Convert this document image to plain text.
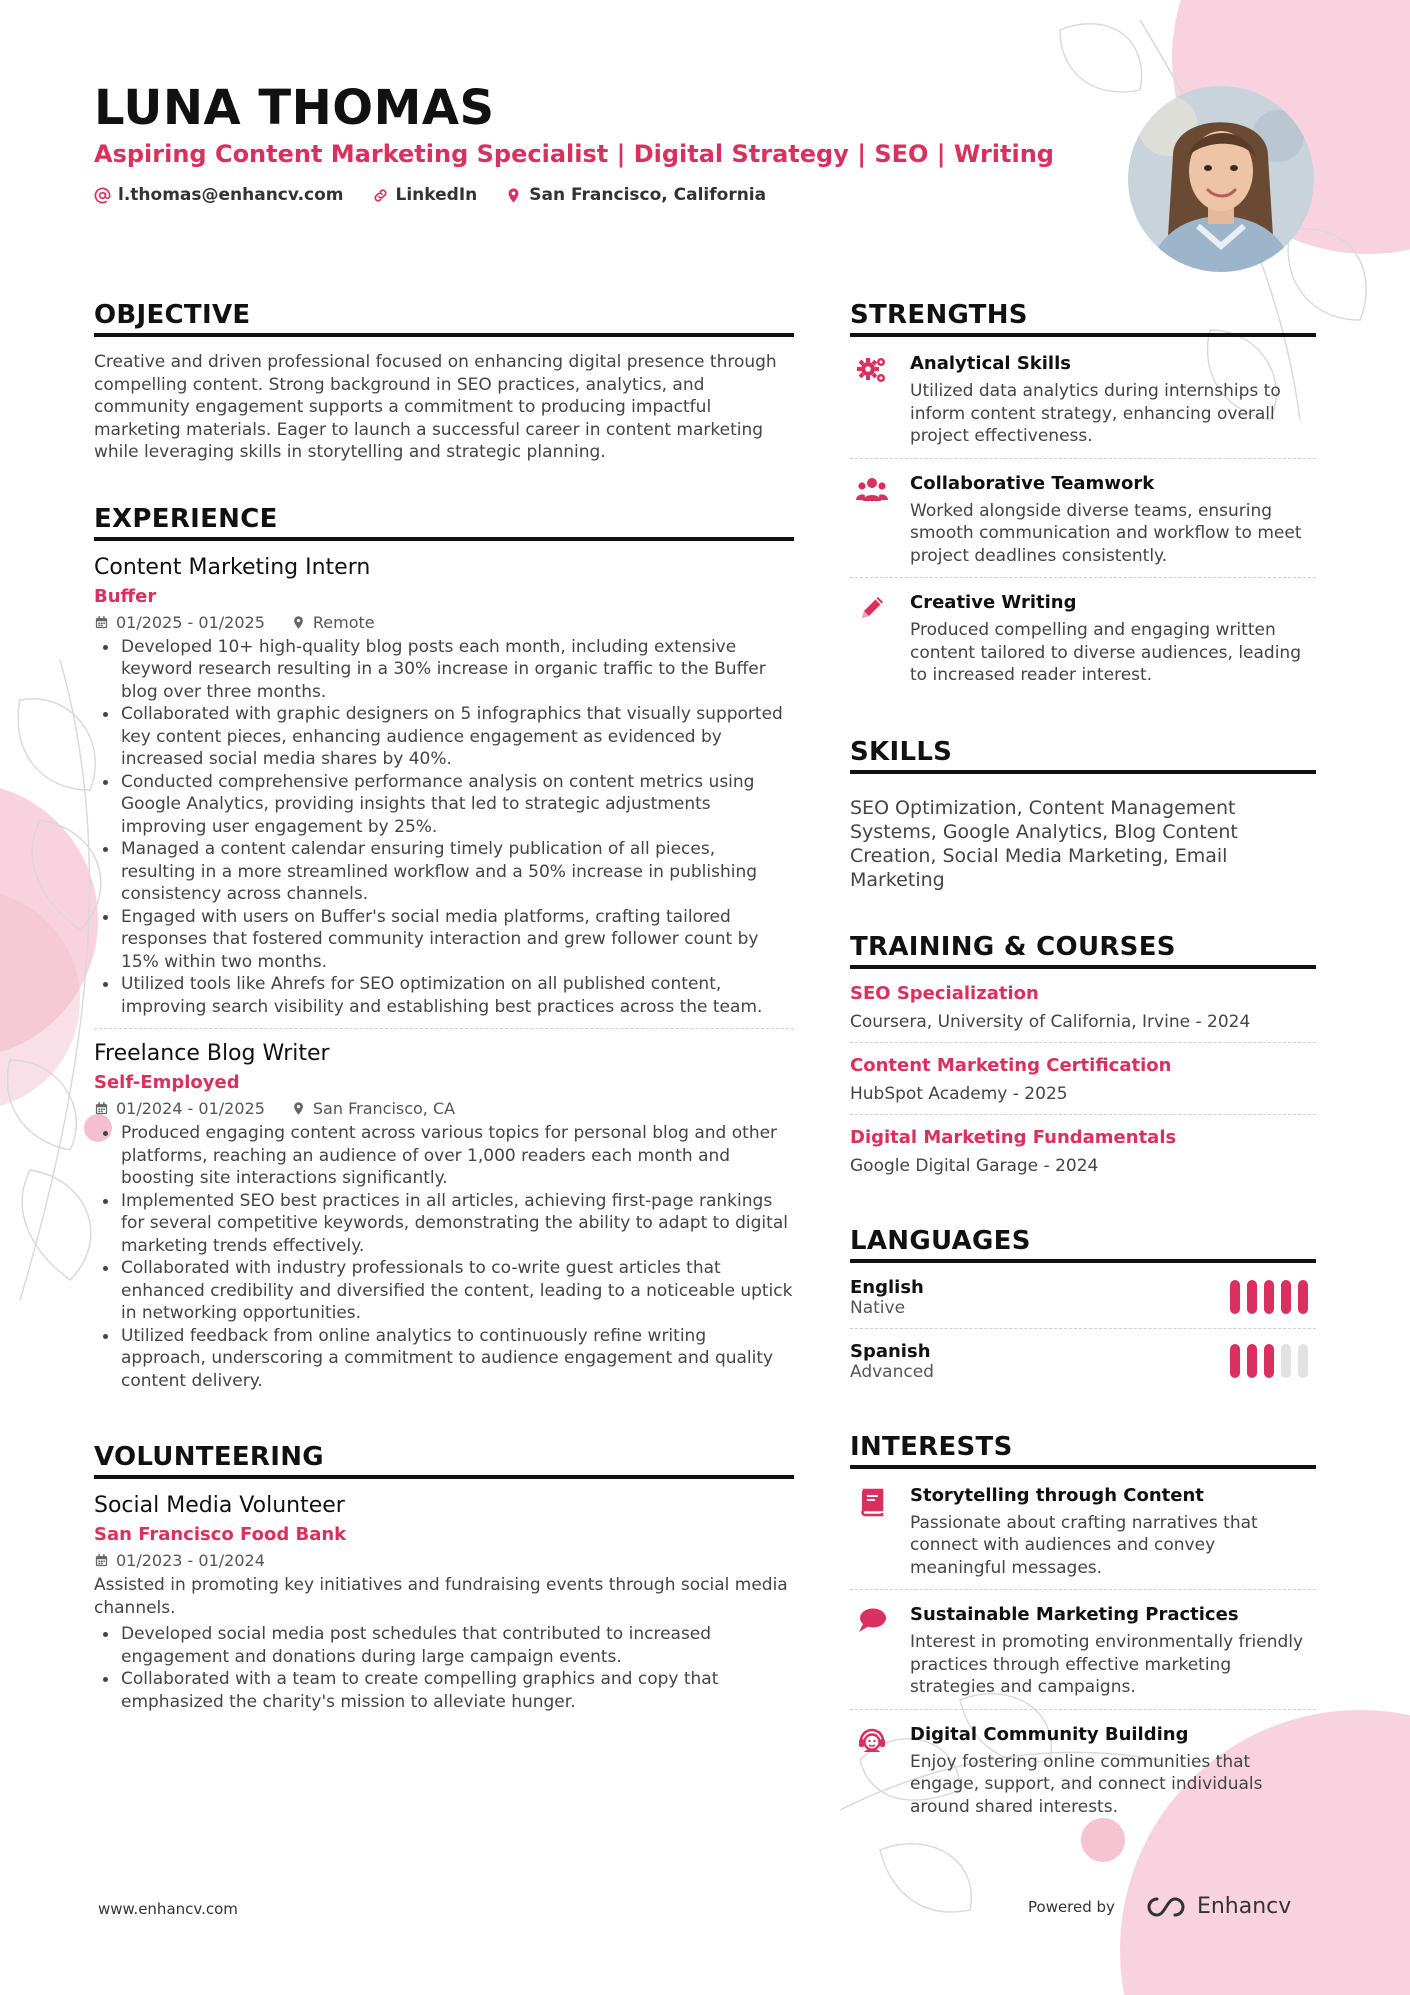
LUNA THOMAS
Aspiring Content Marketing Specialist | Digital Strategy | SEO | Writing
l.thomas@enhancv.com	LinkedIn	San Francisco, California
OBJECTIVE
Creative and driven professional focused on enhancing digital presence through compelling content. Strong background in SEO practices, analytics, and community engagement supports a commitment to producing impactful marketing materials. Eager to launch a successful career in content marketing while leveraging skills in storytelling and strategic planning.
EXPERIENCE
Content Marketing Intern
Buffer
01/2025 - 01/2025	Remote
Developed 10+ high-quality blog posts each month, including extensive keyword research resulting in a 30% increase in organic traffic to the Buffer blog over three months.
Collaborated with graphic designers on 5 infographics that visually supported key content pieces, enhancing audience engagement as evidenced by increased social media shares by 40%.
Conducted comprehensive performance analysis on content metrics using Google Analytics, providing insights that led to strategic adjustments improving user engagement by 25%.
Managed a content calendar ensuring timely publication of all pieces, resulting in a more streamlined workflow and a 50% increase in publishing consistency across channels.
Engaged with users on Buffer's social media platforms, crafting tailored responses that fostered community interaction and grew follower count by 15% within two months.
Utilized tools like Ahrefs for SEO optimization on all published content, improving search visibility and establishing best practices across the team.
Freelance Blog Writer
Self-Employed
01/2024 - 01/2025	San Francisco, CA
Produced engaging content across various topics for personal blog and other platforms, reaching an audience of over 1,000 readers each month and boosting site interactions significantly.
Implemented SEO best practices in all articles, achieving first-page rankings for several competitive keywords, demonstrating the ability to adapt to digital marketing trends effectively.
Collaborated with industry professionals to co-write guest articles that enhanced credibility and diversified the content, leading to a noticeable uptick in networking opportunities.
Utilized feedback from online analytics to continuously refine writing approach, underscoring a commitment to audience engagement and quality content delivery.
VOLUNTEERING
Social Media Volunteer
San Francisco Food Bank
01/2023 - 01/2024
Assisted in promoting key initiatives and fundraising events through social media channels.
Developed social media post schedules that contributed to increased engagement and donations during large campaign events.
Collaborated with a team to create compelling graphics and copy that emphasized the charity's mission to alleviate hunger.
STRENGTHS
Analytical Skills
Utilized data analytics during internships to inform content strategy, enhancing overall project effectiveness.
Collaborative Teamwork
Worked alongside diverse teams, ensuring smooth communication and workflow to meet project deadlines consistently.
Creative Writing
Produced compelling and engaging written content tailored to diverse audiences, leading to increased reader interest.
SKILLS
SEO Optimization, Content Management Systems, Google Analytics, Blog Content Creation, Social Media Marketing, Email Marketing
TRAINING & COURSES
SEO Specialization
Coursera, University of California, Irvine - 2024
Content Marketing Certification
HubSpot Academy - 2025
Digital Marketing Fundamentals
Google Digital Garage - 2024
LANGUAGES
English
Native
Spanish
Advanced
INTERESTS
Storytelling through Content
Passionate about crafting narratives that connect with audiences and convey meaningful messages.
Sustainable Marketing Practices
Interest in promoting environmentally friendly practices through effective marketing strategies and campaigns.
Digital Community Building
Enjoy fostering online communities that engage, support, and connect individuals around shared interests.
www.enhancv.com	Powered by	Enhancv
